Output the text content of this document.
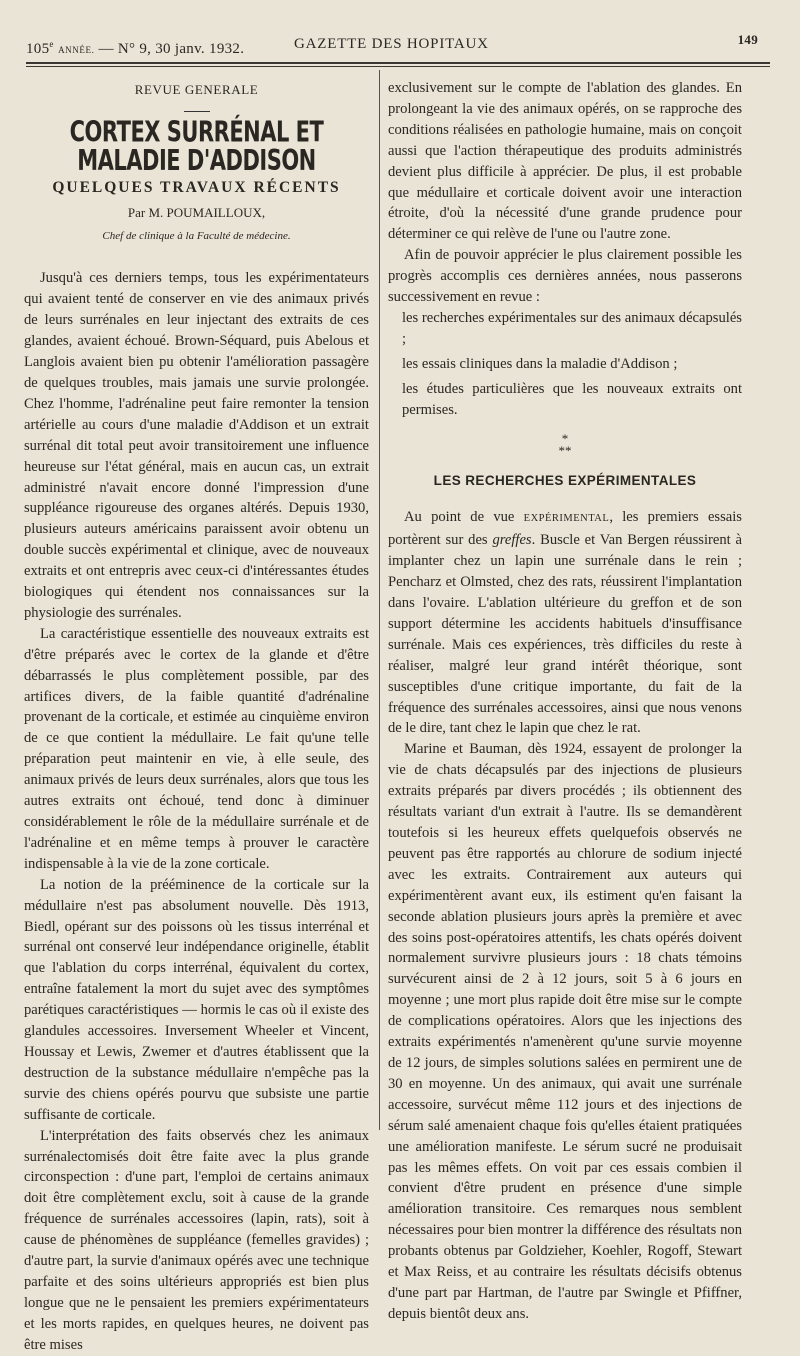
105e ANNÉE. — N° 9, 30 janv. 1932.	GAZETTE DES HOPITAUX	149
REVUE GENERALE
CORTEX SURRÉNAL ET MALADIE D'ADDISON
QUELQUES TRAVAUX RÉCENTS
Par M. POUMAILLOUX,
Chef de clinique à la Faculté de médecine.

Jusqu'à ces derniers temps, tous les expérimentateurs qui avaient tenté de conserver en vie des animaux privés de leurs surrénales en leur injectant des extraits de ces glandes, avaient échoué. Brown-Séquard, puis Abelous et Langlois avaient bien pu obtenir l'amélioration passagère de quelques troubles, mais jamais une survie prolongée. Chez l'homme, l'adrénaline peut faire remonter la tension artérielle au cours d'une maladie d'Addison et un extrait surrénal dit total peut avoir transitoirement une influence heureuse sur l'état général, mais en aucun cas, un extrait administré n'avait encore donné l'impression d'une suppléance rigoureuse des organes altérés. Depuis 1930, plusieurs auteurs américains paraissent avoir obtenu un double succès expérimental et clinique, avec de nouveaux extraits et ont entrepris avec ceux-ci d'intéressantes études biologiques qui étendent nos connaissances sur la physiologie des surrénales.

La caractéristique essentielle des nouveaux extraits est d'être préparés avec le cortex de la glande et d'être débarrassés le plus complètement possible, par des artifices divers, de la faible quantité d'adrénaline provenant de la corticale, et estimée au cinquième environ de ce que contient la médullaire. Le fait qu'une telle préparation peut maintenir en vie, à elle seule, des animaux privés de leurs deux surrénales, alors que tous les autres extraits ont échoué, tend donc à diminuer considérablement le rôle de la médullaire surrénale et de l'adrénaline et en même temps à prouver le caractère indispensable à la vie de la zone corticale.

La notion de la prééminence de la corticale sur la médullaire n'est pas absolument nouvelle. Dès 1913, Biedl, opérant sur des poissons où les tissus interrénal et surrénal ont conservé leur indépendance originelle, établit que l'ablation du corps interrénal, équivalent du cortex, entraîne fatalement la mort du sujet avec des symptômes parétiques caractéristiques — hormis le cas où il existe des glandules accessoires. Inversement Wheeler et Vincent, Houssay et Lewis, Zwemer et d'autres établissent que la destruction de la substance médullaire n'empêche pas la survie des chiens opérés pourvu que subsiste une partie suffisante de corticale.

L'interprétation des faits observés chez les animaux surrénalectomisés doit être faite avec la plus grande circonspection : d'une part, l'emploi de certains animaux doit être complètement exclu, soit à cause de la grande fréquence de surrénales accessoires (lapin, rats), soit à cause de phénomènes de suppléance (femelles gravides) ; d'autre part, la survie d'animaux opérés avec une technique parfaite et des soins ultérieurs appropriés est bien plus longue que ne le pensaient les premiers expérimentateurs et les morts rapides, en quelques heures, ne doivent pas être mises

exclusivement sur le compte de l'ablation des glandes. En prolongeant la vie des animaux opérés, on se rapproche des conditions réalisées en pathologie humaine, mais on conçoit aussi que l'action thérapeutique des produits administrés devient plus difficile à apprécier. De plus, il est probable que médullaire et corticale doivent avoir une interaction étroite, d'où la nécessité d'une grande prudence pour déterminer ce qui relève de l'une ou l'autre zone.

Afin de pouvoir apprécier le plus clairement possible les progrès accomplis ces dernières années, nous passerons successivement en revue :

les recherches expérimentales sur des animaux décapsulés ;

les essais cliniques dans la maladie d'Addison ;

les études particulières que les nouveaux extraits ont permises.

*
**
LES RECHERCHES EXPÉRIMENTALES

Au point de vue EXPÉRIMENTAL, les premiers essais portèrent sur des greffes. Buscle et Van Bergen réussirent à implanter chez un lapin une surrénale dans le rein ; Pencharz et Olmsted, chez des rats, réussirent l'implantation dans l'ovaire. L'ablation ultérieure du greffon et de son support détermine les accidents habituels d'insuffisance surrénale. Mais ces expériences, très difficiles du reste à réaliser, malgré leur grand intérêt théorique, sont susceptibles d'une critique importante, du fait de la fréquence des surrénales accessoires, ainsi que nous venons de le dire, tant chez le lapin que chez le rat.

Marine et Bauman, dès 1924, essayent de prolonger la vie de chats décapsulés par des injections de plusieurs extraits préparés par divers procédés ; ils obtiennent des résultats variant d'un extrait à l'autre. Ils se demandèrent toutefois si les heureux effets quelquefois observés ne peuvent pas être rapportés au chlorure de sodium injecté avec les extraits. Contrairement aux auteurs qui expérimentèrent avant eux, ils estiment qu'en faisant la seconde ablation plusieurs jours après la première et avec des soins post-opératoires attentifs, les chats opérés doivent normalement survivre plusieurs jours : 18 chats témoins survécurent ainsi de 2 à 12 jours, soit 5 à 6 jours en moyenne ; une mort plus rapide doit être mise sur le compte de complications opératoires. Alors que les injections des extraits expérimentés n'amenèrent qu'une survie moyenne de 12 jours, de simples solutions salées en permirent une de 30 en moyenne. Un des animaux, qui avait une surrénale accessoire, survécut même 112 jours et des injections de sérum salé amenaient chaque fois qu'elles étaient pratiquées une amélioration manifeste. Le sérum sucré ne produisait pas les mêmes effets. On voit par ces essais combien il convient d'être prudent en présence d'une simple amélioration transitoire. Ces remarques nous semblent nécessaires pour bien montrer la différence des résultats non probants obtenus par Goldzieher, Koehler, Rogoff, Stewart et Max Reiss, et au contraire les résultats décisifs obtenus d'une part par Hartman, de l'autre par Swingle et Pfiffner, depuis bientôt deux ans.
